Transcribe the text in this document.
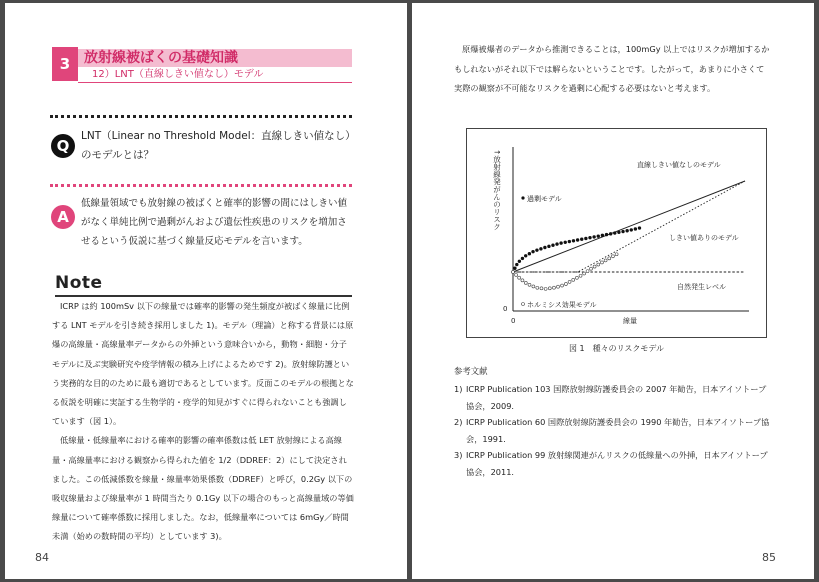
3 放射線被ばくの基礎知識
12）LNT（直線しきい値なし）モデル
Q
LNT（Linear no Threshold Model：直線しきい値なし）のモデルとは？
A
低線量領域でも放射線の被ばくと確率的影響の間にはしきい値がなく単純比例で過剰がんおよび遺伝性疾患のリスクを増加させるという仮説に基づく線量反応モデルを言います。
Note

ICRP は約 100mSv 以下の線量では確率的影響の発生頻度が被ばく線量に比例する LNT モデルを引き続き採用しました 1)。モデル（理論）と称する背景には原爆の高線量・高線量率データからの外挿という意味合いから，動物・細胞・分子モデルに及ぶ実験研究や疫学情報の積み上げによるためです 2)。放射線防護という実務的な目的のために最も適切であるとしています。反面このモデルの根拠となる仮説を明確に実証する生物学的・疫学的知見がすぐに得られないことも強調しています（図 1）。

低線量・低線量率における確率的影響の確率係数は低 LET 放射線による高線量・高線量率における観察から得られた値を 1/2（DDREF：2）にして決定されました。この低減係数を線量・線量率効果係数（DDREF）と呼び，0.2Gy 以下の吸収線量および線量率が 1 時間当たり 0.1Gy 以下の場合のもっと高線量域の等価線量について確率係数に採用しました。なお，低線量率については 6mGy／時間未満（始めの数時間の平均）としています 3)。

84

原爆被爆者のデータから推測できることは，100mGy 以上ではリスクが増加するかもしれないがそれ以下では解らないということです。したがって，あまりに小さくて実際の観察が不可能なリスクを過剰に心配する必要はないと考えます。

↑放射線発がんのリスク
0
0	線量
直線しきい値なしのモデル
しきい値ありのモデル
自然発生レベル
過剰モデル
ホルミシス効果モデル
図 1　種々のリスクモデル
参考文献
1) ICRP Publication 103 国際放射線防護委員会の 2007 年勧告，日本アイソトープ協会，2009.
2) ICRP Publication 60 国際放射線防護委員会の 1990 年勧告，日本アイソトープ協会，1991.
3) ICRP Publication 99 放射線関連がんリスクの低線量への外挿，日本アイソトープ協会，2011.
85
